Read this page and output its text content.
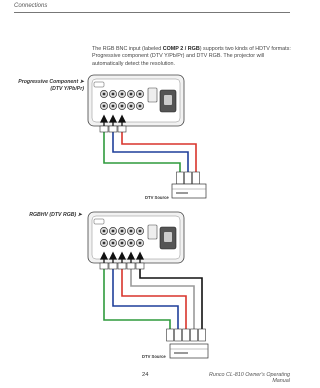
Connections

The RGB BNC input (labeled COMP 2 / RGB) supports two kinds of HDTV formats: Progressive component (DTV Y/Pb/Pr) and DTV RGB. The projector will automatically detect the resolution.

Progressive Component ➤
(DTV Y/Pb/Pr)
RGBHV (DTV RGB) ➤
DTV Source
DTV Source
24	Runco CL-810 Owner's Operating Manual
